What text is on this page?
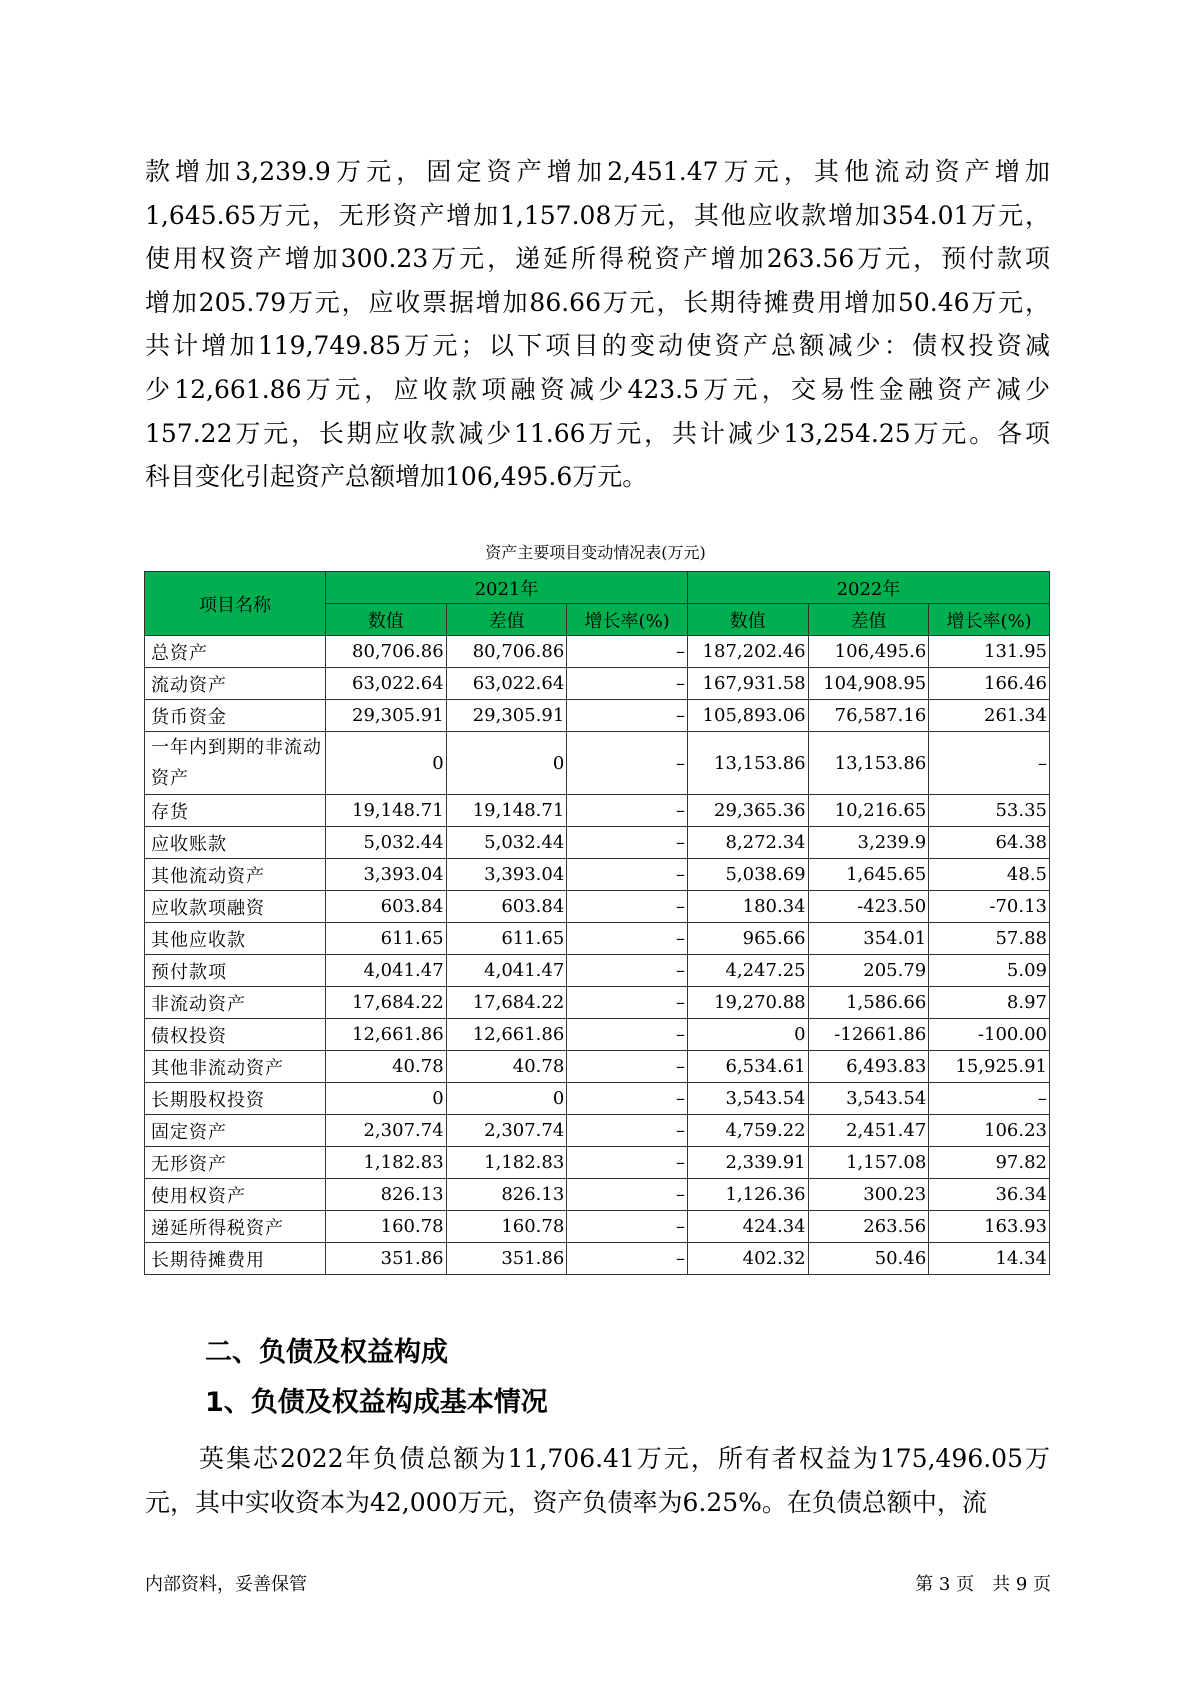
款增加3,239.9万元，固定资产增加2,451.47万元，其他流动资产增加
1,645.65万元，无形资产增加1,157.08万元，其他应收款增加354.01万元，
使用权资产增加300.23万元，递延所得税资产增加263.56万元，预付款项
增加205.79万元，应收票据增加86.66万元，长期待摊费用增加50.46万元，
共计增加119,749.85万元；以下项目的变动使资产总额减少：债权投资减
少12,661.86万元，应收款项融资减少423.5万元，交易性金融资产减少
157.22万元，长期应收款减少11.66万元，共计减少13,254.25万元。各项
科目变化引起资产总额增加106,495.6万元。
资产主要项目变动情况表(万元)
项目名称	2021年			2022年		
	数值	差值	增长率(%)	数值	差值	增长率(%)
总资产	80,706.86	80,706.86	–	187,202.46	106,495.6	131.95
流动资产	63,022.64	63,022.64	–	167,931.58	104,908.95	166.46
货币资金	29,305.91	29,305.91	–	105,893.06	76,587.16	261.34
一年内到期的非流动资产	0	0	–	13,153.86	13,153.86	–
存货	19,148.71	19,148.71	–	29,365.36	10,216.65	53.35
应收账款	5,032.44	5,032.44	–	8,272.34	3,239.9	64.38
其他流动资产	3,393.04	3,393.04	–	5,038.69	1,645.65	48.5
应收款项融资	603.84	603.84	–	180.34	-423.50	-70.13
其他应收款	611.65	611.65	–	965.66	354.01	57.88
预付款项	4,041.47	4,041.47	–	4,247.25	205.79	5.09
非流动资产	17,684.22	17,684.22	–	19,270.88	1,586.66	8.97
债权投资	12,661.86	12,661.86	–	0	-12661.86	-100.00
其他非流动资产	40.78	40.78	–	6,534.61	6,493.83	15,925.91
长期股权投资	0	0	–	3,543.54	3,543.54	–
固定资产	2,307.74	2,307.74	–	4,759.22	2,451.47	106.23
无形资产	1,182.83	1,182.83	–	2,339.91	1,157.08	97.82
使用权资产	826.13	826.13	–	1,126.36	300.23	36.34
递延所得税资产	160.78	160.78	–	424.34	263.56	163.93
长期待摊费用	351.86	351.86	–	402.32	50.46	14.34
二、负债及权益构成
1、负债及权益构成基本情况
　　英集芯2022年负债总额为11,706.41万元，所有者权益为175,496.05万
元，其中实收资本为42,000万元，资产负债率为6.25%。在负债总额中，流
内部资料，妥善保管	第 3 页　共 9 页
